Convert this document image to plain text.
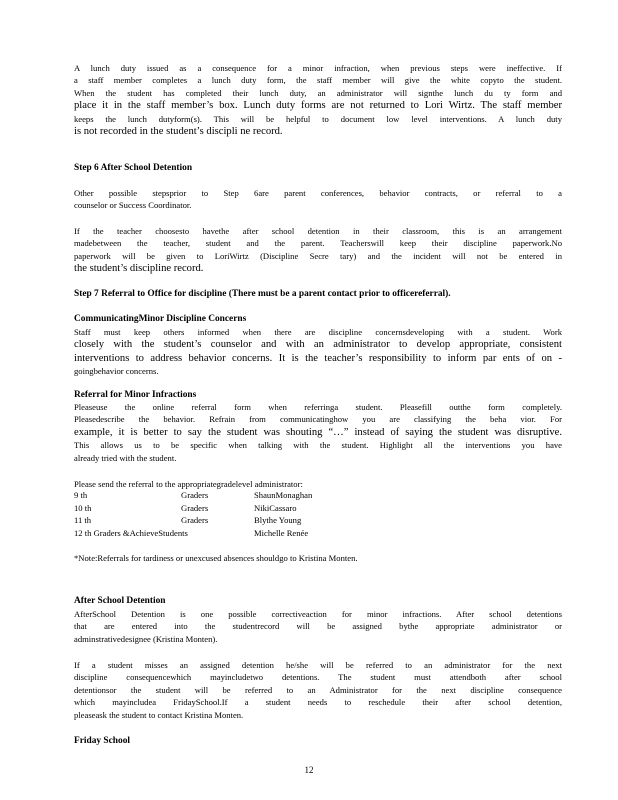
A lunch duty issued as a consequence for a minor infraction, when previous steps were ineffective. If
a staff member completes a lunch duty form, the staff member will give the white copyto the student.
When the student has completed their lunch duty, an administrator will signthe lunch du ty form and
place it in the staff member’s box. Lunch duty forms are not returned to Lori Wirtz. The staff member
keeps the lunch dutyform(s). This will be helpful to document low level interventions. A lunch duty
is not recorded in the student’s discipli ne record.
Step 6 After School Detention
Other possible stepsprior to Step 6are parent conferences, behavior contracts, or referral to a
counselor or Success Coordinator.
If the teacher choosesto havethe after school detention in their classroom, this is an arrangement
madebetween the teacher, student and the parent. Teacherswill keep their discipline paperwork.No
paperwork will be given to LoriWirtz (Discipline Secre tary) and the incident will not be entered in
the student’s discipline record.
Step 7 Referral to Office for discipline (There must be a parent contact prior to officereferral).
CommunicatingMinor Discipline Concerns
Staff must keep others informed when there are discipline concernsdeveloping with a student. Work
closely with the student’s counselor and with an administrator to develop appropriate, consistent
interventions to address behavior concerns. It is the teacher’s responsibility to inform par ents of on -
goingbehavior concerns.
Referral for Minor Infractions
Pleaseuse the online referral form when referringa student. Pleasefill outthe form completely.
Pleasedescribe the behavior. Refrain from communicatinghow you are classifying the beha vior. For
example, it is better to say the student was shouting “…” instead of saying the student was disruptive.
This allows us to be specific when talking with the student. Highlight all the interventions you have
already tried with the student.
Please send the referral to the appropriategradelevel administrator:
9 th	Graders	ShaunMonaghan
10 th	Graders	NikiCassaro
11 th	Graders	Blythe Young
12 th Graders &AchieveStudents	Michelle Renée
*Note:Referrals for tardiness or unexcused absences shouldgo to Kristina Monten.
After School Detention
AfterSchool Detention is one possible correctiveaction for minor infractions. After school detentions
that are entered into the studentrecord will be assigned bythe appropriate administrator or
adminstrativedesignee (Kristina Monten).
If a student misses an assigned detention he/she will be referred to an administrator for the next
discipline consequencewhich mayincludetwo detentions. The student must attendboth after school
detentionsor the student will be referred to an Administrator for the next discipline consequence
which mayincludea FridaySchool.If a student needs to reschedule their after school detention,
pleaseask the student to contact Kristina Monten.
Friday School
12
